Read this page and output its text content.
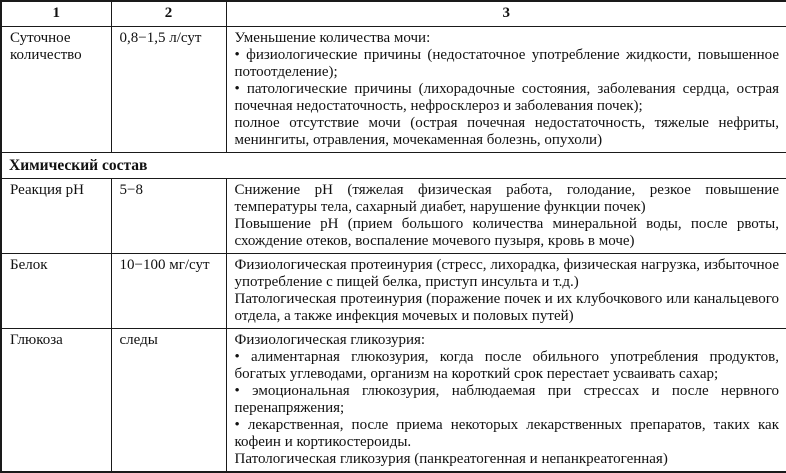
1	2	3
Суточное количество	0,8−1,5 л/сут	Уменьшение количества мочи:
• физиологические причины (недостаточное употребление жидкости, повышенное потоотделение);
• патологические причины (лихорадочные состояния, заболевания сердца, острая почечная недостаточность, нефросклероз и заболевания почек);
полное отсутствие мочи (острая почечная недостаточность, тяжелые нефриты, менингиты, отравления, мочекаменная болезнь, опухоли)

Химический состав		
Реакция pH	5−8	Снижение pH (тяжелая физическая работа, голодание, резкое повышение температуры тела, сахарный диабет, нарушение функции почек)
Повышение pH (прием большого количества минеральной воды, после рвоты, схождение отеков, воспаление мочевого пузыря, кровь в моче)

Белок	10−100 мг/сут	Физиологическая протеинурия (стресс, лихорадка, физическая нагрузка, избыточное употребление с пищей белка, приступ инсульта и т.д.)
Патологическая протеинурия (поражение почек и их клубочкового или канальцевого отдела, а также инфекция мочевых и половых путей)

Глюкоза	следы	Физиологическая гликозурия:
• алиментарная глюкозурия, когда после обильного употребления продуктов, богатых углеводами, организм на короткий срок перестает усваивать сахар;
• эмоциональная глюкозурия, наблюдаемая при стрессах и после нервного перенапряжения;
• лекарственная, после приема некоторых лекарственных препаратов, таких как кофеин и кортикостероиды.
Патологическая гликозурия (панкреатогенная и непанкреатогенная)
